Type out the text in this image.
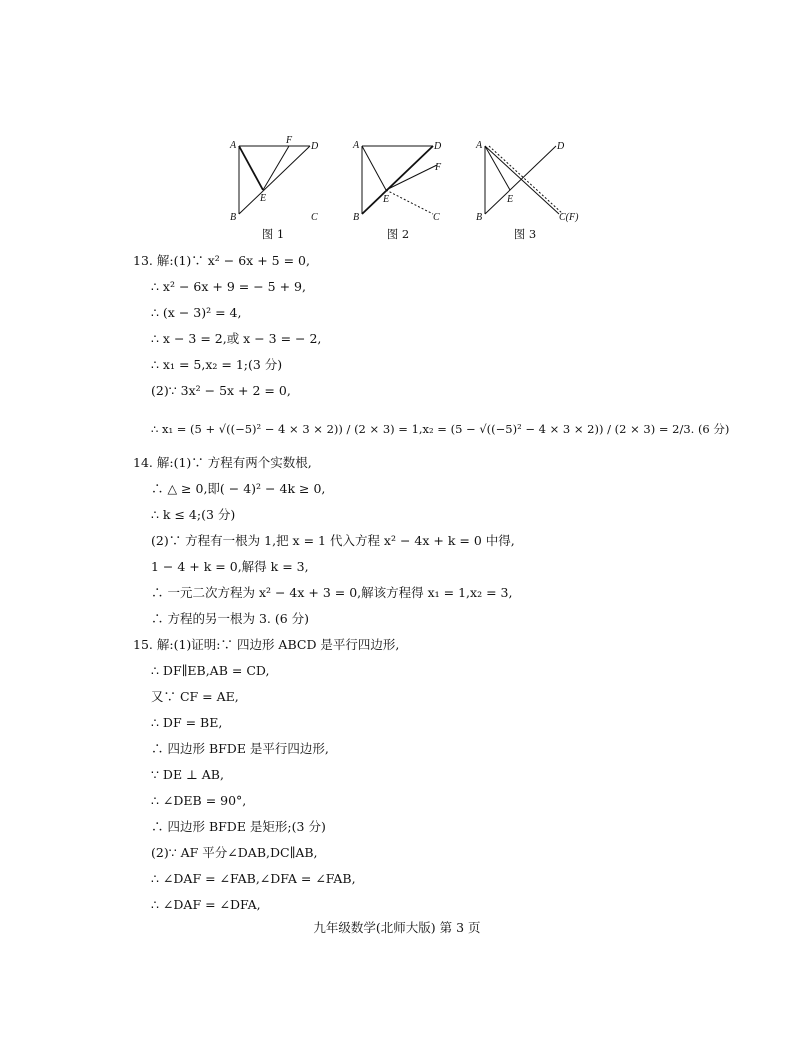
A	F
D
E
B	C
A	D
F
E
B	C
A	D
E
B	C(F)
图 1	图 2	图 3
13. 解:(1)∵ x² − 6x + 5 = 0,
∴ x² − 6x + 9 = − 5 + 9,
∴ (x − 3)² = 4,
∴ x − 3 = 2,或 x − 3 = − 2,
∴ x₁ = 5,x₂ = 1;(3 分)
(2)∵ 3x² − 5x + 2 = 0,
∴ x₁ = (5 + √((−5)² − 4 × 3 × 2)) / (2 × 3) = 1,x₂ = (5 − √((−5)² − 4 × 3 × 2)) / (2 × 3) = 2/3. (6 分)
14. 解:(1)∵ 方程有两个实数根,
∴ △ ≥ 0,即( − 4)² − 4k ≥ 0,
∴ k ≤ 4;(3 分)
(2)∵ 方程有一根为 1,把 x = 1 代入方程 x² − 4x + k = 0 中得,
1 − 4 + k = 0,解得 k = 3,
∴ 一元二次方程为 x² − 4x + 3 = 0,解该方程得 x₁ = 1,x₂ = 3,
∴ 方程的另一根为 3. (6 分)
15. 解:(1)证明:∵ 四边形 ABCD 是平行四边形,
∴ DF∥EB,AB = CD,
又∵ CF = AE,
∴ DF = BE,
∴ 四边形 BFDE 是平行四边形,
∵ DE ⊥ AB,
∴ ∠DEB = 90°,
∴ 四边形 BFDE 是矩形;(3 分)
(2)∵ AF 平分∠DAB,DC∥AB,
∴ ∠DAF = ∠FAB,∠DFA = ∠FAB,
∴ ∠DAF = ∠DFA,
九年级数学(北师大版) 第 3 页
